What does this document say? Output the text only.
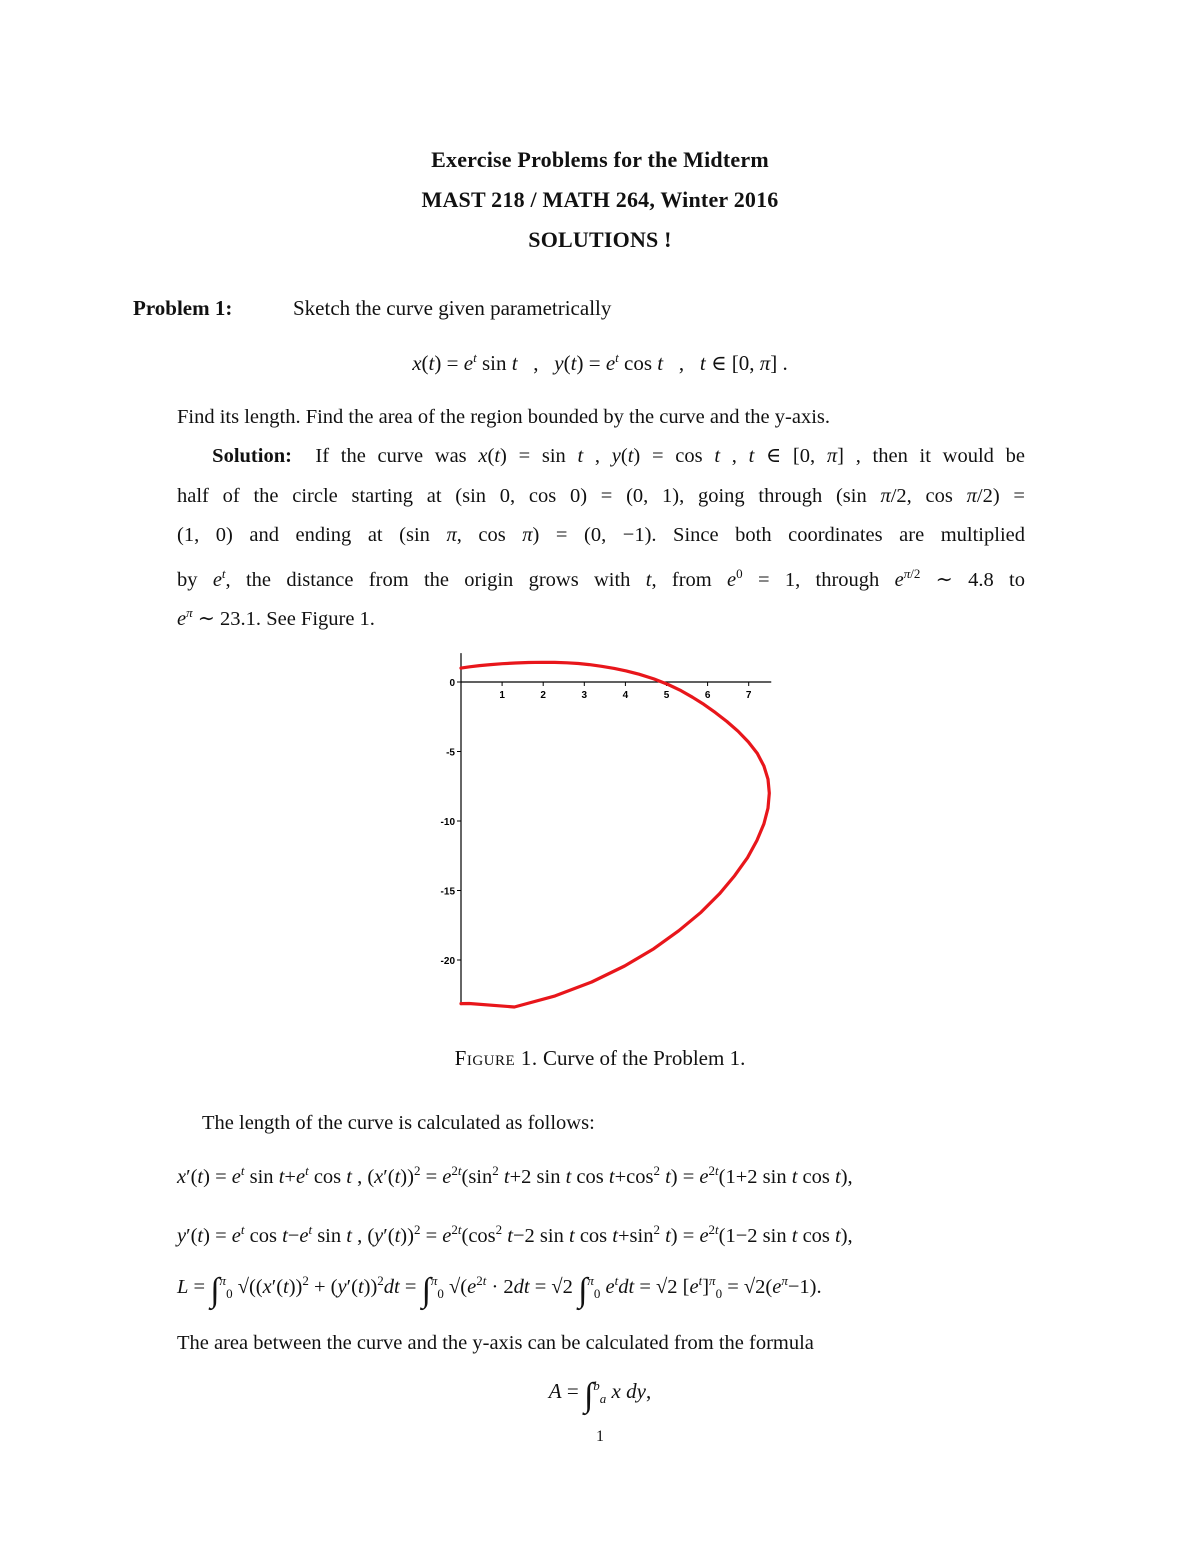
Exercise Problems for the Midterm
MAST 218 / MATH 264, Winter 2016
SOLUTIONS !
Problem 1:	Sketch the curve given parametrically
$x(t) = e^t$ sin t   ,   $y(t) = e^t$ cos t   ,   t ∈ [0, π] .
Find its length. Find the area of the region bounded by the curve and the y-axis.
Solution:  If the curve was x(t) = sin t , y(t) = cos t , t ∈ [0, π] , then it would be
half of the circle starting at (sin 0, cos 0) = (0, 1), going through (sin π/2, cos π/2) =
(1, 0) and ending at (sin π, cos π) = (0, −1). Since both coordinates are multiplied
by $e^t$, the distance from the origin grows with t, from $e^0 = 1$, through $e^{\pi/2}$ ∼ 4.8 to
$e^\pi$ ∼ 23.1. See Figure 1.
1	2	3	4	5	6	7
0
-5
-10
-15
-20
Figure 1. Curve of the Problem 1.
The length of the curve is calculated as follows:
$x'(t) = e^t$ $\sin t+e^t$ cos t , $(x'(t))^2 = e^{2t}(\sin^2$ t+2 sin t $\cos t+\cos^2$ $t) = e^{2t}(1+2$ sin t cos t),
$y'(t) = e^t$ $\cos t-e^t$ sin t , $(y'(t))^2 = e^{2t}(\cos^2$ t−2 sin t $\cos t+\sin^2$ $t) = e^{2t}(1-2$ sin t cos t),
L = ∫$^\pi_0$ $√((x'(t))^2 + (y'(t))^2dt = \int^\pi_0$ $√(e^{2t} \cdot 2dt = √2$ ∫$^\pi_0$ $e^tdt = √2$ $[e^t]^\pi_0 = √2(e^\pi-1)$.
The area between the curve and the y-axis can be calculated from the formula
A = ∫$^b_a$ x dy,
1
